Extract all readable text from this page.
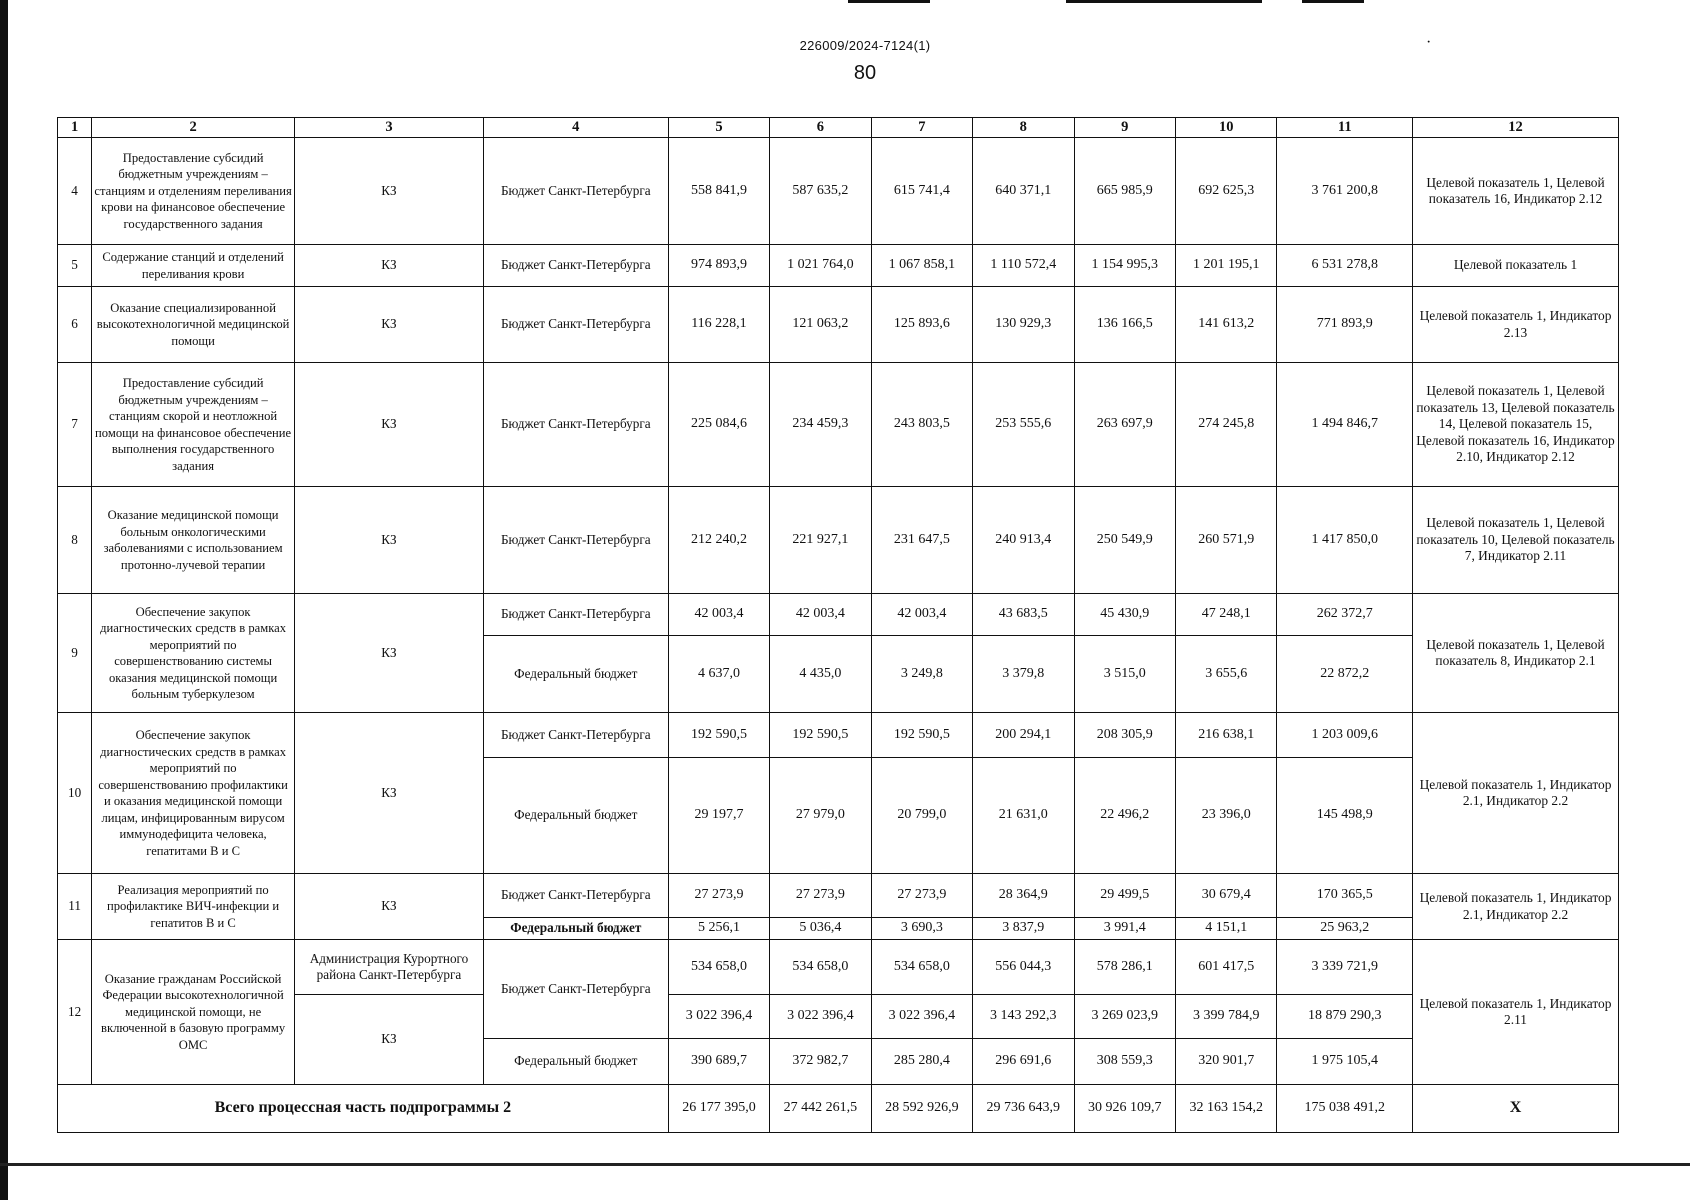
226009/2024-7124(1)
80
·
1	2	3	4	5	6	7	8	9	10	11	12
4	Предоставление субсидий бюджетным учреждениям – станциям и отделениям переливания крови на финансовое обеспечение государственного задания	КЗ	Бюджет Санкт-Петербурга	558 841,9	587 635,2	615 741,4	640 371,1	665 985,9	692 625,3	3 761 200,8	Целевой показатель 1, Целевой показатель 16, Индикатор 2.12
5	Содержание станций и отделений переливания крови	КЗ	Бюджет Санкт-Петербурга	974 893,9	1 021 764,0	1 067 858,1	1 110 572,4	1 154 995,3	1 201 195,1	6 531 278,8	Целевой показатель 1
6	Оказание специализированной высокотехнологичной медицинской помощи	КЗ	Бюджет Санкт-Петербурга	116 228,1	121 063,2	125 893,6	130 929,3	136 166,5	141 613,2	771 893,9	Целевой показатель 1, Индикатор 2.13
7	Предоставление субсидий бюджетным учреждениям – станциям скорой и неотложной помощи на финансовое обеспечение выполнения государственного задания	КЗ	Бюджет Санкт-Петербурга	225 084,6	234 459,3	243 803,5	253 555,6	263 697,9	274 245,8	1 494 846,7	Целевой показатель 1, Целевой показатель 13, Целевой показатель 14, Целевой показатель 15, Целевой показатель 16, Индикатор 2.10, Индикатор 2.12
8	Оказание медицинской помощи больным онкологическими заболеваниями с использованием протонно-лучевой терапии	КЗ	Бюджет Санкт-Петербурга	212 240,2	221 927,1	231 647,5	240 913,4	250 549,9	260 571,9	1 417 850,0	Целевой показатель 1, Целевой показатель 10, Целевой показатель 7, Индикатор 2.11
9	Обеспечение закупок диагностических средств в рамках мероприятий по совершенствованию системы оказания медицинской помощи больным туберкулезом	КЗ	Бюджет Санкт-Петербурга	42 003,4	42 003,4	42 003,4	43 683,5	45 430,9	47 248,1	262 372,7	Целевой показатель 1, Целевой показатель 8, Индикатор 2.1
			Федеральный бюджет	4 637,0	4 435,0	3 249,8	3 379,8	3 515,0	3 655,6	22 872,2	
10	Обеспечение закупок диагностических средств в рамках мероприятий по совершенствованию профилактики и оказания медицинской помощи лицам, инфицированным вирусом иммунодефицита человека, гепатитами В и С	КЗ	Бюджет Санкт-Петербурга	192 590,5	192 590,5	192 590,5	200 294,1	208 305,9	216 638,1	1 203 009,6	Целевой показатель 1, Индикатор 2.1, Индикатор 2.2
			Федеральный бюджет	29 197,7	27 979,0	20 799,0	21 631,0	22 496,2	23 396,0	145 498,9	
11	Реализация мероприятий по профилактике ВИЧ-инфекции и гепатитов В и С	КЗ	Бюджет Санкт-Петербурга	27 273,9	27 273,9	27 273,9	28 364,9	29 499,5	30 679,4	170 365,5	Целевой показатель 1, Индикатор 2.1, Индикатор 2.2
			Федеральный бюджет	5 256,1	5 036,4	3 690,3	3 837,9	3 991,4	4 151,1	25 963,2	
12	Оказание гражданам Российской Федерации высокотехнологичной медицинской помощи, не включенной в базовую программу ОМС	Администрация Курортного района Санкт-Петербурга	Бюджет Санкт-Петербурга	534 658,0	534 658,0	534 658,0	556 044,3	578 286,1	601 417,5	3 339 721,9	Целевой показатель 1, Индикатор 2.11
		КЗ		3 022 396,4	3 022 396,4	3 022 396,4	3 143 292,3	3 269 023,9	3 399 784,9	18 879 290,3	
			Федеральный бюджет	390 689,7	372 982,7	285 280,4	296 691,6	308 559,3	320 901,7	1 975 105,4	
Всего процессная часть подпрограммы 2				26 177 395,0	27 442 261,5	28 592 926,9	29 736 643,9	30 926 109,7	32 163 154,2	175 038 491,2	Х
